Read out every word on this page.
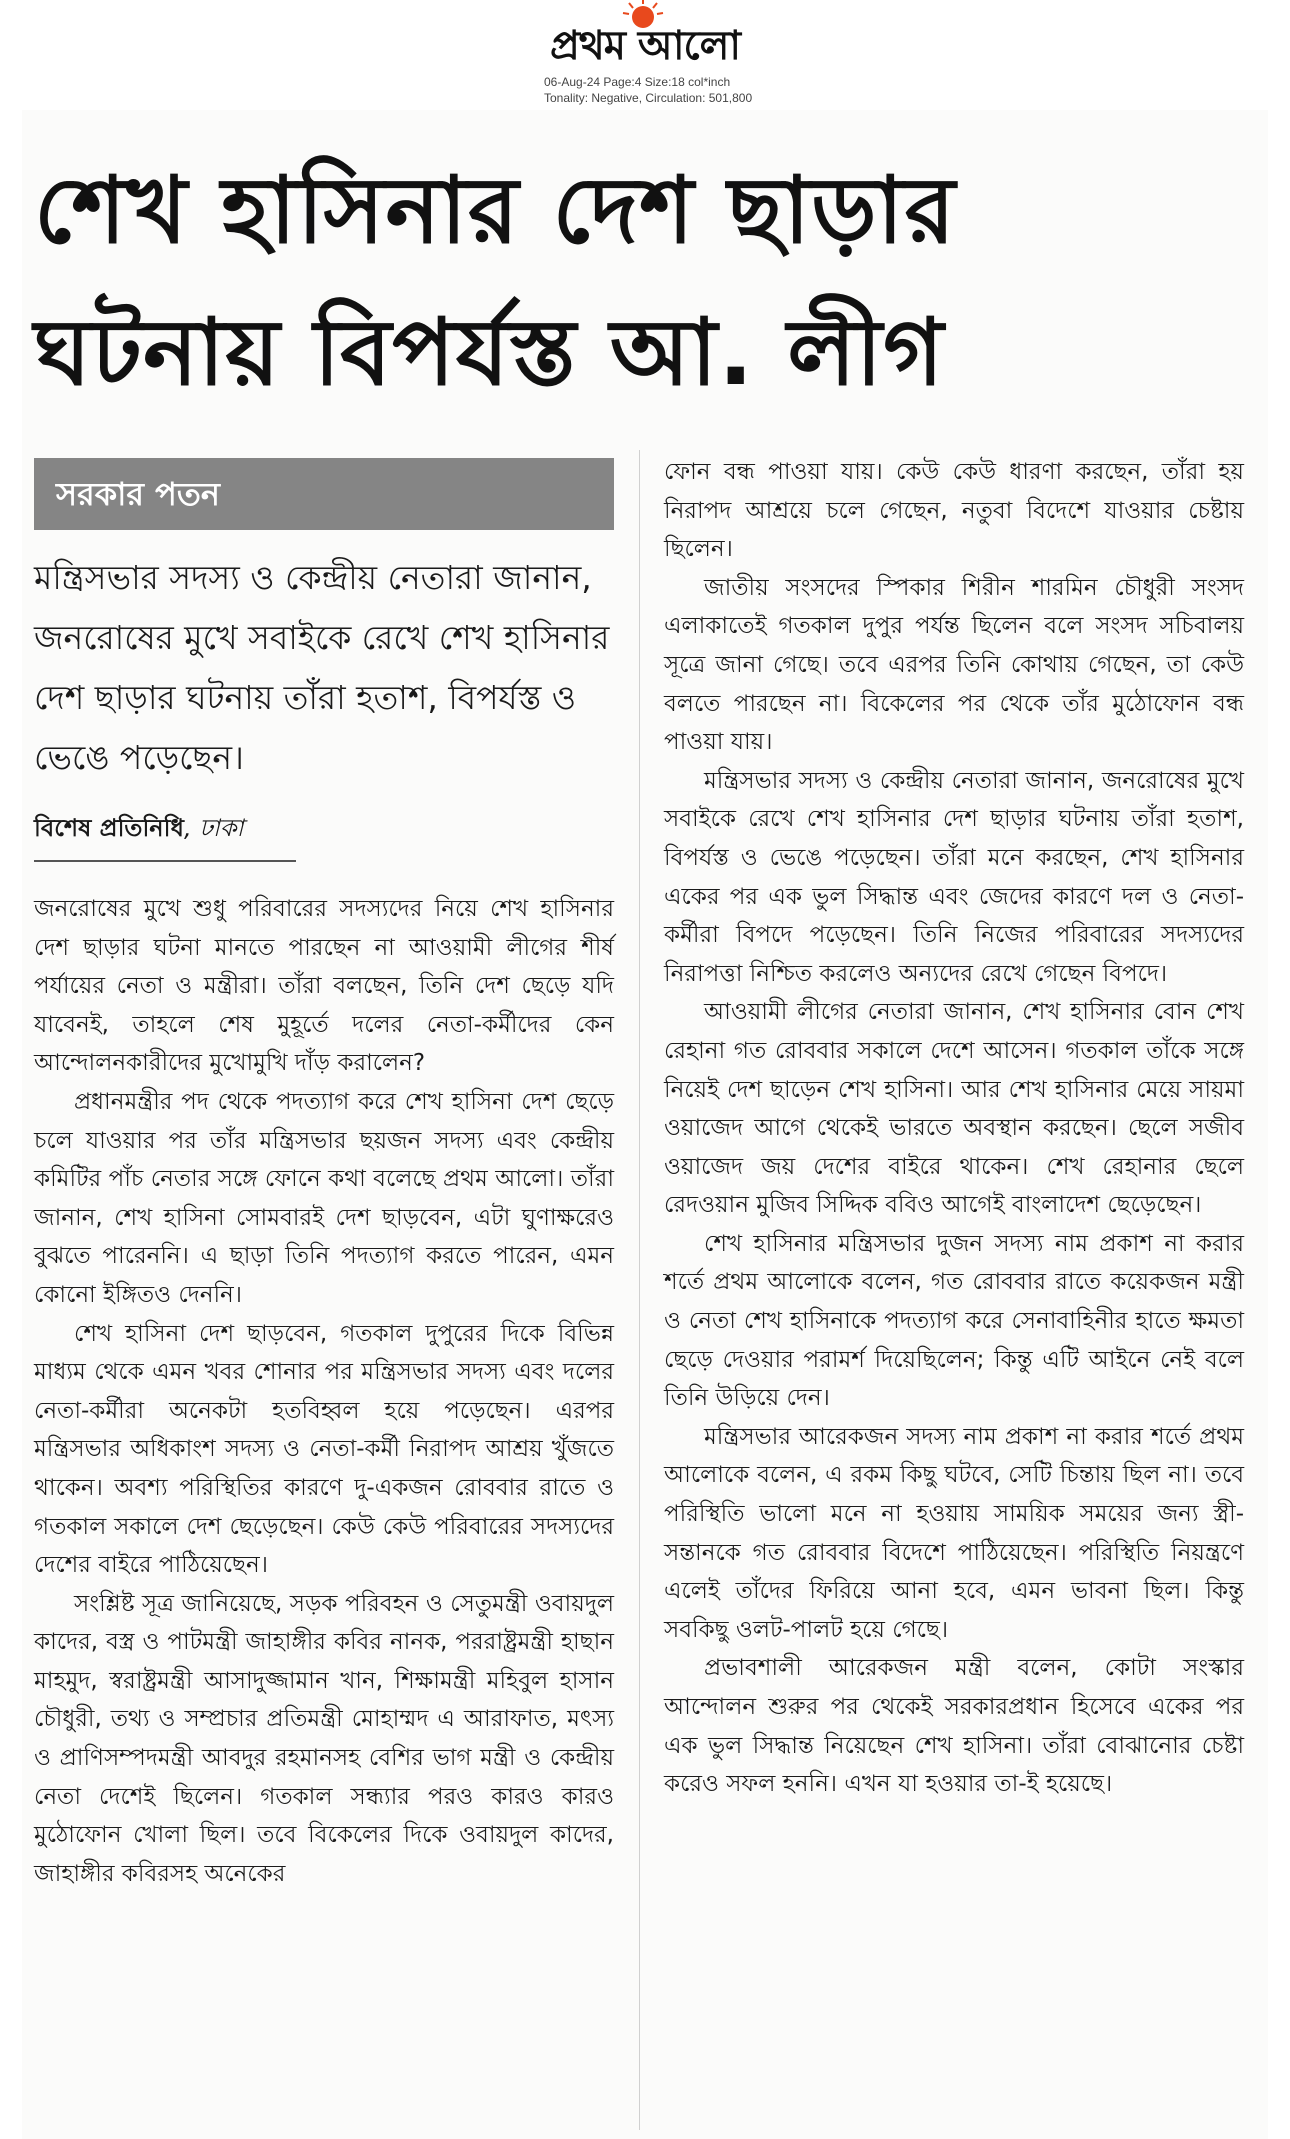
প্রথম আলো
06-Aug-24 Page:4 Size:18 col*inch
Tonality: Negative, Circulation: 501,800
শেখ হাসিনার দেশ ছাড়ার
ঘটনায় বিপর্যস্ত আ. লীগ
সরকার পতন
মন্ত্রিসভার সদস্য ও কেন্দ্রীয় নেতারা জানান, জনরোষের মুখে সবাইকে রেখে শেখ হাসিনার দেশ ছাড়ার ঘটনায় তাঁরা হতাশ, বিপর্যস্ত ও ভেঙে পড়েছেন।
বিশেষ প্রতিনিধি, ঢাকা

জনরোষের মুখে শুধু পরিবারের সদস্যদের নিয়ে শেখ হাসিনার দেশ ছাড়ার ঘটনা মানতে পারছেন না আওয়ামী লীগের শীর্ষ পর্যায়ের নেতা ও মন্ত্রীরা। তাঁরা বলছেন, তিনি দেশ ছেড়ে যদি যাবেনই, তাহলে শেষ মুহূর্তে দলের নেতা-কর্মীদের কেন আন্দোলনকারীদের মুখোমুখি দাঁড় করালেন?

প্রধানমন্ত্রীর পদ থেকে পদত্যাগ করে শেখ হাসিনা দেশ ছেড়ে চলে যাওয়ার পর তাঁর মন্ত্রিসভার ছয়জন সদস্য এবং কেন্দ্রীয় কমিটির পাঁচ নেতার সঙ্গে ফোনে কথা বলেছে প্রথম আলো। তাঁরা জানান, শেখ হাসিনা সোমবারই দেশ ছাড়বেন, এটা ঘুণাক্ষরেও বুঝতে পারেননি। এ ছাড়া তিনি পদত্যাগ করতে পারেন, এমন কোনো ইঙ্গিতও দেননি।

শেখ হাসিনা দেশ ছাড়বেন, গতকাল দুপুরের দিকে বিভিন্ন মাধ্যম থেকে এমন খবর শোনার পর মন্ত্রিসভার সদস্য এবং দলের নেতা-কর্মীরা অনেকটা হতবিহ্বল হয়ে পড়েছেন। এরপর মন্ত্রিসভার অধিকাংশ সদস্য ও নেতা-কর্মী নিরাপদ আশ্রয় খুঁজতে থাকেন। অবশ্য পরিস্থিতির কারণে দু-একজন রোববার রাতে ও গতকাল সকালে দেশ ছেড়েছেন। কেউ কেউ পরিবারের সদস্যদের দেশের বাইরে পাঠিয়েছেন।

সংশ্লিষ্ট সূত্র জানিয়েছে, সড়ক পরিবহন ও সেতুমন্ত্রী ওবায়দুল কাদের, বস্ত্র ও পাটমন্ত্রী জাহাঙ্গীর কবির নানক, পররাষ্ট্রমন্ত্রী হাছান মাহমুদ, স্বরাষ্ট্রমন্ত্রী আসাদুজ্জামান খান, শিক্ষামন্ত্রী মহিবুল হাসান চৌধুরী, তথ্য ও সম্প্রচার প্রতিমন্ত্রী মোহাম্মদ এ আরাফাত, মৎস্য ও প্রাণিসম্পদমন্ত্রী আবদুর রহমানসহ বেশির ভাগ মন্ত্রী ও কেন্দ্রীয় নেতা দেশেই ছিলেন। গতকাল সন্ধ্যার পরও কারও কারও মুঠোফোন খোলা ছিল। তবে বিকেলের দিকে ওবায়দুল কাদের, জাহাঙ্গীর কবিরসহ অনেকের

ফোন বন্ধ পাওয়া যায়। কেউ কেউ ধারণা করছেন, তাঁরা হয় নিরাপদ আশ্রয়ে চলে গেছেন, নতুবা বিদেশে যাওয়ার চেষ্টায় ছিলেন।

জাতীয় সংসদের স্পিকার শিরীন শারমিন চৌধুরী সংসদ এলাকাতেই গতকাল দুপুর পর্যন্ত ছিলেন বলে সংসদ সচিবালয় সূত্রে জানা গেছে। তবে এরপর তিনি কোথায় গেছেন, তা কেউ বলতে পারছেন না। বিকেলের পর থেকে তাঁর মুঠোফোন বন্ধ পাওয়া যায়।

মন্ত্রিসভার সদস্য ও কেন্দ্রীয় নেতারা জানান, জনরোষের মুখে সবাইকে রেখে শেখ হাসিনার দেশ ছাড়ার ঘটনায় তাঁরা হতাশ, বিপর্যস্ত ও ভেঙে পড়েছেন। তাঁরা মনে করছেন, শেখ হাসিনার একের পর এক ভুল সিদ্ধান্ত এবং জেদের কারণে দল ও নেতা-কর্মীরা বিপদে পড়েছেন। তিনি নিজের পরিবারের সদস্যদের নিরাপত্তা নিশ্চিত করলেও অন্যদের রেখে গেছেন বিপদে।

আওয়ামী লীগের নেতারা জানান, শেখ হাসিনার বোন শেখ রেহানা গত রোববার সকালে দেশে আসেন। গতকাল তাঁকে সঙ্গে নিয়েই দেশ ছাড়েন শেখ হাসিনা। আর শেখ হাসিনার মেয়ে সায়মা ওয়াজেদ আগে থেকেই ভারতে অবস্থান করছেন। ছেলে সজীব ওয়াজেদ জয় দেশের বাইরে থাকেন। শেখ রেহানার ছেলে রেদওয়ান মুজিব সিদ্দিক ববিও আগেই বাংলাদেশ ছেড়েছেন।

শেখ হাসিনার মন্ত্রিসভার দুজন সদস্য নাম প্রকাশ না করার শর্তে প্রথম আলোকে বলেন, গত রোববার রাতে কয়েকজন মন্ত্রী ও নেতা শেখ হাসিনাকে পদত্যাগ করে সেনাবাহিনীর হাতে ক্ষমতা ছেড়ে দেওয়ার পরামর্শ দিয়েছিলেন; কিন্তু এটি আইনে নেই বলে তিনি উড়িয়ে দেন।

মন্ত্রিসভার আরেকজন সদস্য নাম প্রকাশ না করার শর্তে প্রথম আলোকে বলেন, এ রকম কিছু ঘটবে, সেটি চিন্তায় ছিল না। তবে পরিস্থিতি ভালো মনে না হওয়ায় সাময়িক সময়ের জন্য স্ত্রী-সন্তানকে গত রোববার বিদেশে পাঠিয়েছেন। পরিস্থিতি নিয়ন্ত্রণে এলেই তাঁদের ফিরিয়ে আনা হবে, এমন ভাবনা ছিল। কিন্তু সবকিছু ওলট-পালট হয়ে গেছে।

প্রভাবশালী আরেকজন মন্ত্রী বলেন, কোটা সংস্কার আন্দোলন শুরুর পর থেকেই সরকারপ্রধান হিসেবে একের পর এক ভুল সিদ্ধান্ত নিয়েছেন শেখ হাসিনা। তাঁরা বোঝানোর চেষ্টা করেও সফল হননি। এখন যা হওয়ার তা-ই হয়েছে।
